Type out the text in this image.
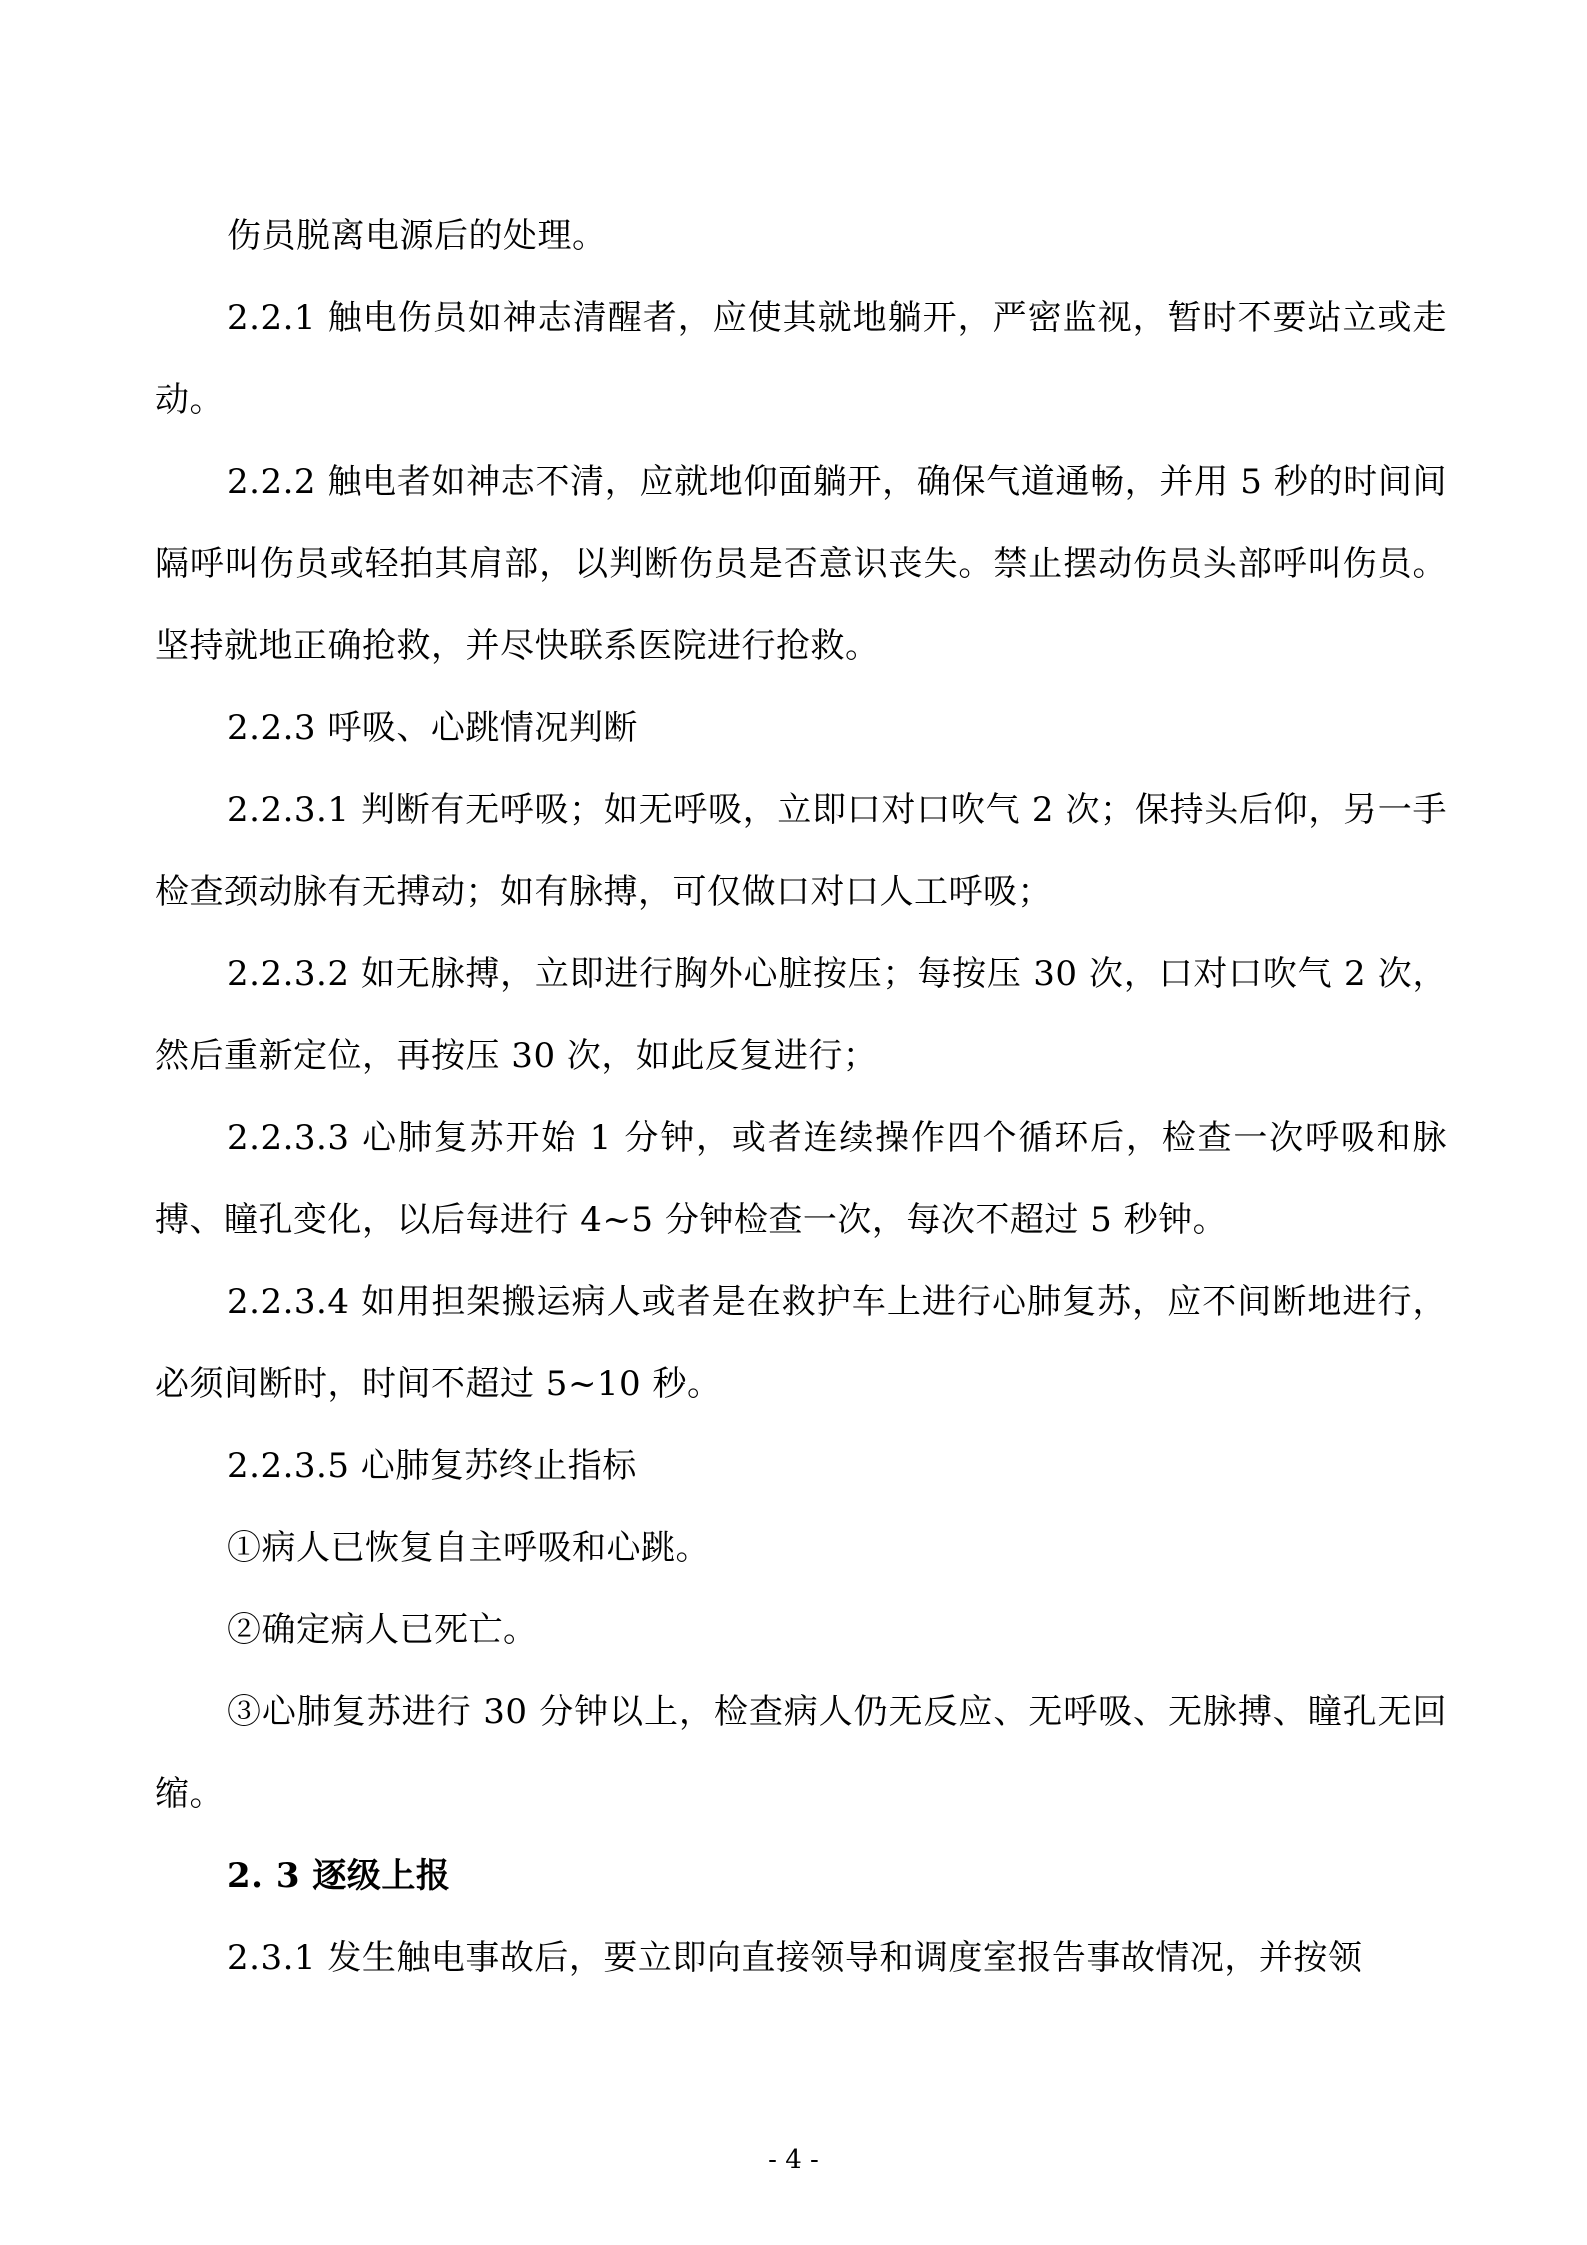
伤员脱离电源后的处理。

2.2.1 触电伤员如神志清醒者，应使其就地躺开，严密监视，暂时不要站立或走动。

2.2.2 触电者如神志不清，应就地仰面躺开，确保气道通畅，并用 5 秒的时间间隔呼叫伤员或轻拍其肩部，以判断伤员是否意识丧失。禁止摆动伤员头部呼叫伤员。坚持就地正确抢救，并尽快联系医院进行抢救。

2.2.3 呼吸、心跳情况判断

2.2.3.1 判断有无呼吸；如无呼吸，立即口对口吹气 2 次；保持头后仰，另一手检查颈动脉有无搏动；如有脉搏，可仅做口对口人工呼吸；

2.2.3.2 如无脉搏，立即进行胸外心脏按压；每按压 30 次，口对口吹气 2 次，然后重新定位，再按压 30 次，如此反复进行；

2.2.3.3 心肺复苏开始 1 分钟，或者连续操作四个循环后，检查一次呼吸和脉搏、瞳孔变化，以后每进行 4~5 分钟检查一次，每次不超过 5 秒钟。

2.2.3.4 如用担架搬运病人或者是在救护车上进行心肺复苏，应不间断地进行，必须间断时，时间不超过 5~10 秒。

2.2.3.5 心肺复苏终止指标

①病人已恢复自主呼吸和心跳。

②确定病人已死亡。

③心肺复苏进行 30 分钟以上，检查病人仍无反应、无呼吸、无脉搏、瞳孔无回缩。

2. 3 逐级上报

2.3.1 发生触电事故后，要立即向直接领导和调度室报告事故情况，并按领

- 4 -
